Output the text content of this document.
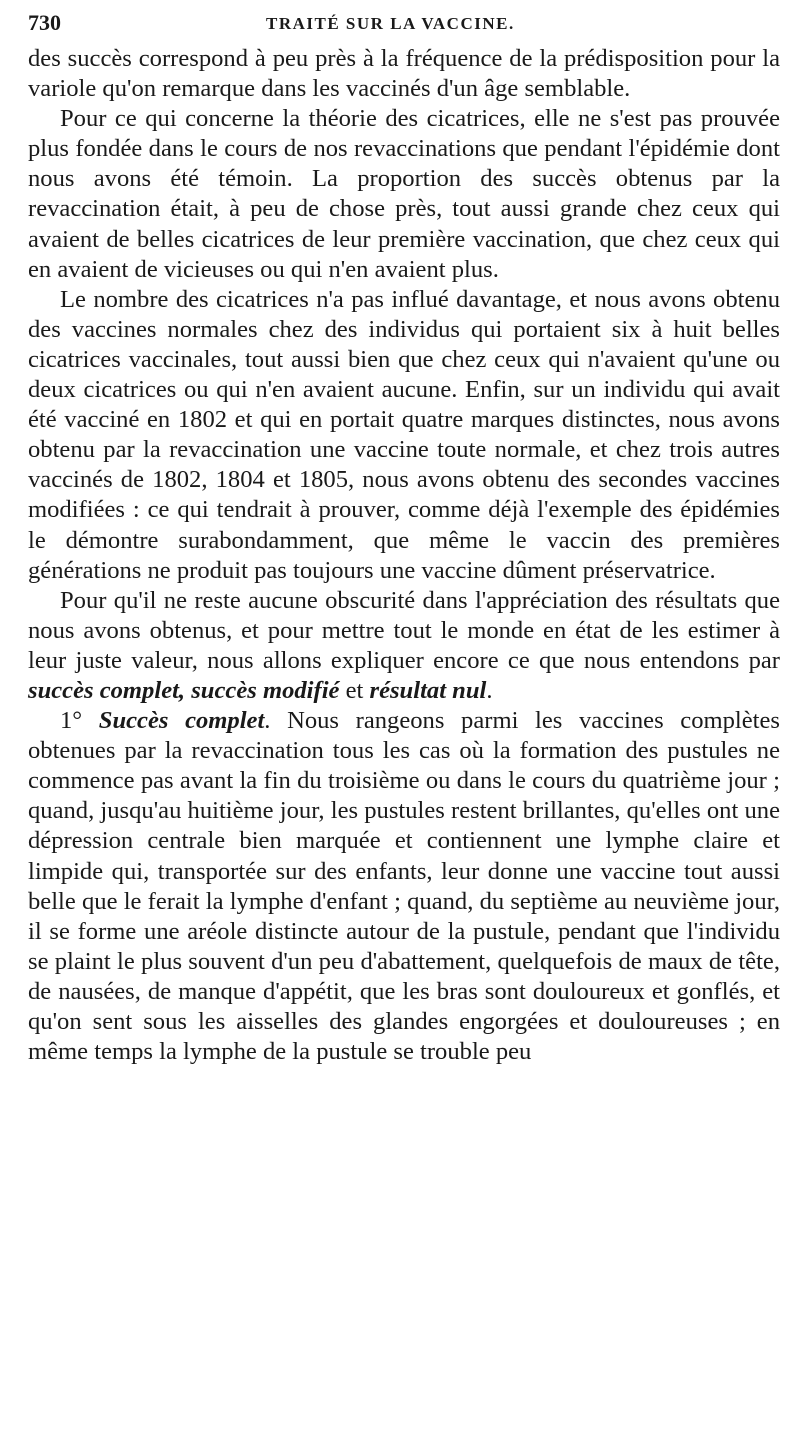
730	TRAITÉ SUR LA VACCINE.

des succès correspond à peu près à la fréquence de la prédisposition pour la variole qu'on remarque dans les vaccinés d'un âge semblable.

Pour ce qui concerne la théorie des cicatrices, elle ne s'est pas prouvée plus fondée dans le cours de nos revaccinations que pendant l'épidémie dont nous avons été témoin. La proportion des succès obtenus par la revaccination était, à peu de chose près, tout aussi grande chez ceux qui avaient de belles cicatrices de leur première vaccination, que chez ceux qui en avaient de vicieuses ou qui n'en avaient plus.

Le nombre des cicatrices n'a pas influé davantage, et nous avons obtenu des vaccines normales chez des individus qui portaient six à huit belles cicatrices vaccinales, tout aussi bien que chez ceux qui n'avaient qu'une ou deux cicatrices ou qui n'en avaient aucune. Enfin, sur un individu qui avait été vacciné en 1802 et qui en portait quatre marques distinctes, nous avons obtenu par la revaccination une vaccine toute normale, et chez trois autres vaccinés de 1802, 1804 et 1805, nous avons obtenu des secondes vaccines modifiées : ce qui tendrait à prouver, comme déjà l'exemple des épidémies le démontre surabondamment, que même le vaccin des premières générations ne produit pas toujours une vaccine dûment préservatrice.

Pour qu'il ne reste aucune obscurité dans l'appréciation des résultats que nous avons obtenus, et pour mettre tout le monde en état de les estimer à leur juste valeur, nous allons expliquer encore ce que nous entendons par succès complet, succès modifié et résultat nul.

1° Succès complet. Nous rangeons parmi les vaccines complètes obtenues par la revaccination tous les cas où la formation des pustules ne commence pas avant la fin du troisième ou dans le cours du quatrième jour ; quand, jusqu'au huitième jour, les pustules restent brillantes, qu'elles ont une dépression centrale bien marquée et contiennent une lymphe claire et limpide qui, transportée sur des enfants, leur donne une vaccine tout aussi belle que le ferait la lymphe d'enfant ; quand, du septième au neuvième jour, il se forme une aréole distincte autour de la pustule, pendant que l'individu se plaint le plus souvent d'un peu d'abattement, quelquefois de maux de tête, de nausées, de manque d'appétit, que les bras sont douloureux et gonflés, et qu'on sent sous les aisselles des glandes engorgées et douloureuses ; en même temps la lymphe de la pustule se trouble peu
